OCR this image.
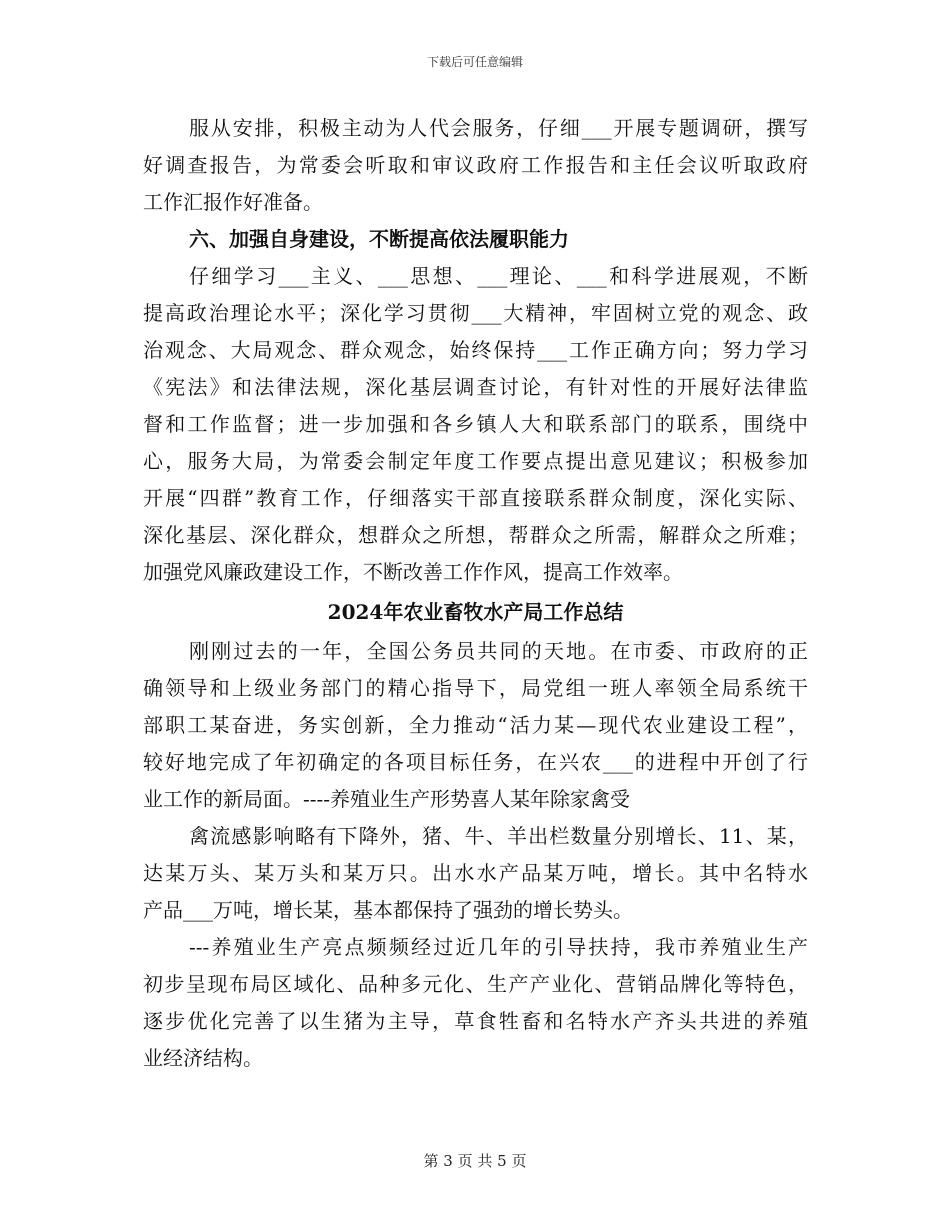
下载后可任意编辑
服从安排，积极主动为人代会服务，仔细___开展专题调研，撰写
好调查报告，为常委会听取和审议政府工作报告和主任会议听取政府
工作汇报作好准备。
六、加强自身建设，不断提高依法履职能力
仔细学习___主义、___思想、___理论、___和科学进展观，不断
提高政治理论水平；深化学习贯彻___大精神，牢固树立党的观念、政
治观念、大局观念、群众观念，始终保持___工作正确方向；努力学习
《宪法》和法律法规，深化基层调查讨论，有针对性的开展好法律监
督和工作监督；进一步加强和各乡镇人大和联系部门的联系，围绕中
心，服务大局，为常委会制定年度工作要点提出意见建议；积极参加
开展“四群”教育工作，仔细落实干部直接联系群众制度，深化实际、
深化基层、深化群众，想群众之所想，帮群众之所需，解群众之所难；
加强党风廉政建设工作，不断改善工作作风，提高工作效率。
2024年农业畜牧水产局工作总结
刚刚过去的一年，全国公务员共同的天地。在市委、市政府的正
确领导和上级业务部门的精心指导下，局党组一班人率领全局系统干
部职工某奋进，务实创新，全力推动“活力某—现代农业建设工程”，
较好地完成了年初确定的各项目标任务，在兴农___的进程中开创了行
业工作的新局面。----养殖业生产形势喜人某年除家禽受
禽流感影响略有下降外，猪、牛、羊出栏数量分别增长、11、某，
达某万头、某万头和某万只。出水水产品某万吨，增长。其中名特水
产品___万吨，增长某，基本都保持了强劲的增长势头。
---养殖业生产亮点频频经过近几年的引导扶持，我市养殖业生产
初步呈现布局区域化、品种多元化、生产产业化、营销品牌化等特色，
逐步优化完善了以生猪为主导，草食牲畜和名特水产齐头共进的养殖
业经济结构。
第 3 页 共 5 页
